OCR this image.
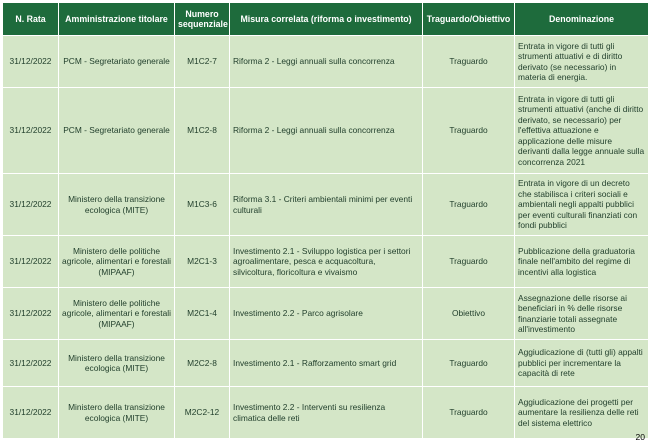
N. Rata	Amministrazione titolare	Numero sequenziale	Misura correlata (riforma o investimento)	Traguardo/Obiettivo	Denominazione
31/12/2022	PCM - Segretariato generale	M1C2-7	Riforma 2 - Leggi annuali sulla concorrenza	Traguardo	Entrata in vigore di tutti gli strumenti attuativi e di diritto derivato (se necessario) in materia di energia.
31/12/2022	PCM - Segretariato generale	M1C2-8	Riforma 2 - Leggi annuali sulla concorrenza	Traguardo	Entrata in vigore di tutti gli strumenti attuativi (anche di diritto derivato, se necessario) per l'effettiva attuazione e applicazione delle misure derivanti dalla legge annuale sulla concorrenza 2021
31/12/2022	Ministero della transizione ecologica (MITE)	M1C3-6	Riforma 3.1 - Criteri ambientali minimi per eventi culturali	Traguardo	Entrata in vigore di un decreto che stabilisca i criteri sociali e ambientali negli appalti pubblici per eventi culturali finanziati con fondi pubblici
31/12/2022	Ministero delle politiche agricole, alimentari e forestali (MIPAAF)	M2C1-3	Investimento 2.1 - Sviluppo logistica per i settori agroalimentare, pesca e acquacoltura, silvicoltura, floricoltura e vivaismo	Traguardo	Pubblicazione della graduatoria finale nell'ambito del regime di incentivi alla logistica
31/12/2022	Ministero delle politiche agricole, alimentari e forestali (MIPAAF)	M2C1-4	Investimento 2.2 - Parco agrisolare	Obiettivo	Assegnazione delle risorse ai beneficiari in % delle risorse finanziarie totali assegnate all'investimento
31/12/2022	Ministero della transizione ecologica (MITE)	M2C2-8	Investimento 2.1 - Rafforzamento smart grid	Traguardo	Aggiudicazione di (tutti gli) appalti pubblici per incrementare la capacità di rete
31/12/2022	Ministero della transizione ecologica (MITE)	M2C2-12	Investimento 2.2 - Interventi su resilienza climatica delle reti	Traguardo	Aggiudicazione dei progetti per aumentare la resilienza delle reti del sistema elettrico
20
